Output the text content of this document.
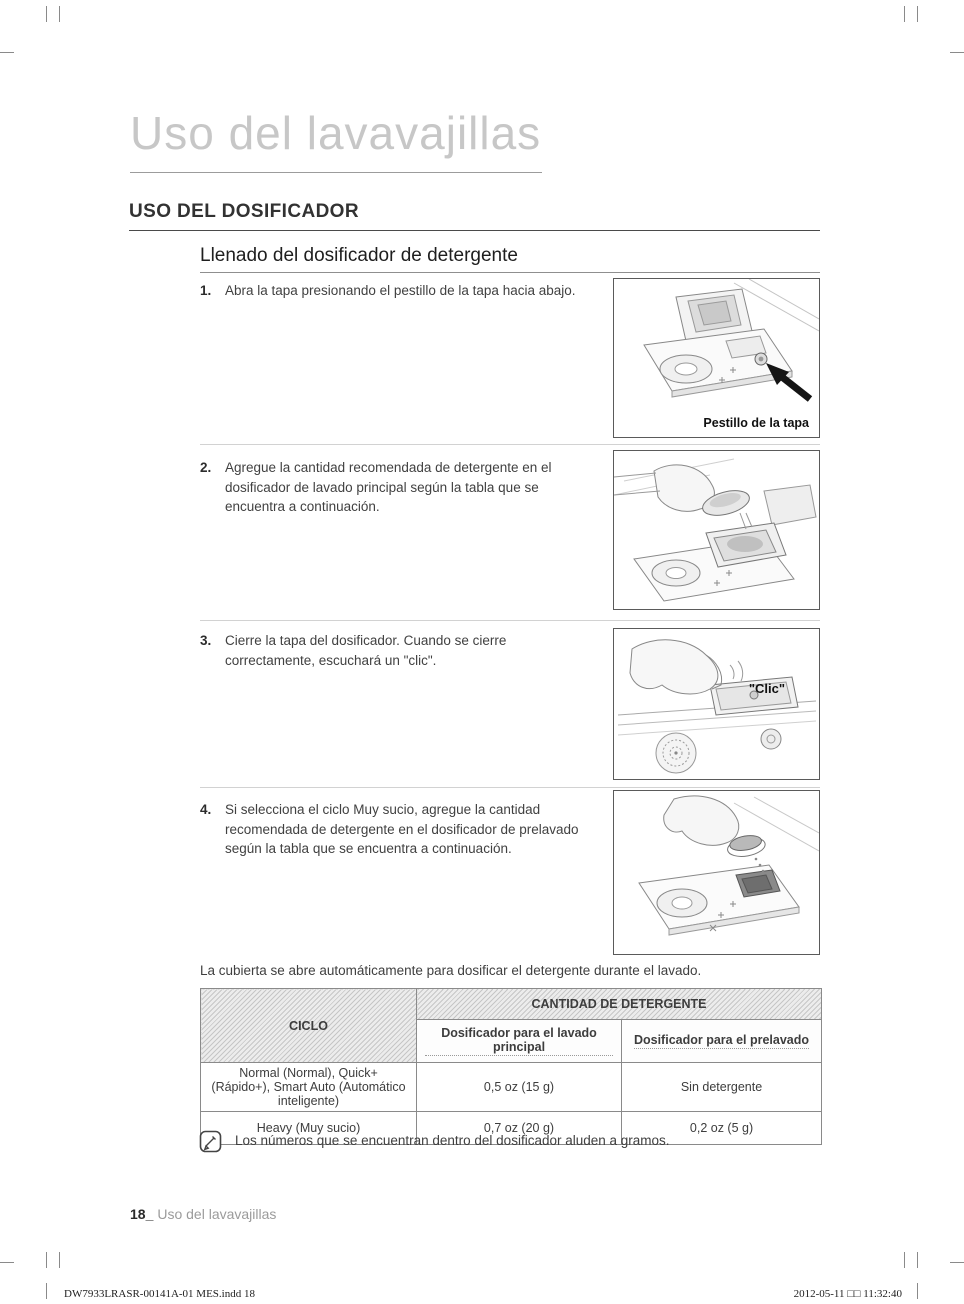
Uso del lavavajillas
USO DEL DOSIFICADOR
Llenado del dosificador de detergente
1.	Abra la tapa presionando el pestillo de la tapa hacia abajo.
Pestillo de la tapa
2.	Agregue la cantidad recomendada de detergente en el dosificador de lavado principal según la tabla que se encuentra a continuación.
3.	Cierre la tapa del dosificador. Cuando se cierre correctamente, escuchará un "clic".
"Clic"
4.	Si selecciona el ciclo Muy sucio, agregue la cantidad recomendada de detergente en el dosificador de prelavado según la tabla que se encuentra a continuación.
La cubierta se abre automáticamente para dosificar el detergente durante el lavado.
CICLO	CANTIDAD DE DETERGENTE	
	Dosificador para el lavado principal	Dosificador para el prelavado
Normal (Normal), Quick+ (Rápido+), Smart Auto (Automático inteligente)	0,5 oz (15 g)	Sin detergente
Heavy (Muy sucio)	0,7 oz (20 g)	0,2 oz (5 g)
Los números que se encuentran dentro del dosificador aluden a gramos.
18_ Uso del lavavajillas
DW7933LRASR-00141A-01 MES.indd 18	2012-05-11 □□ 11:32:40
